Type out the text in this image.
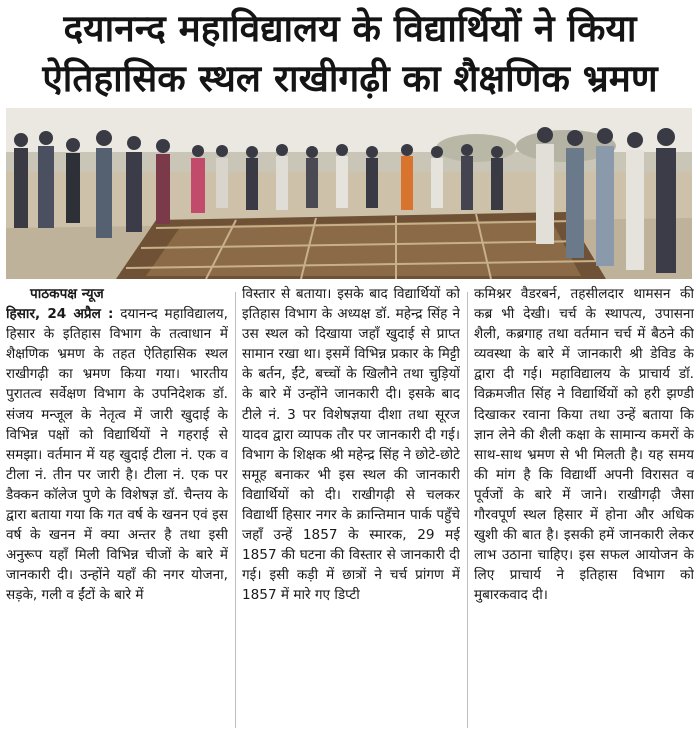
दयानन्द महाविद्यालय के विद्यार्थियों ने किया
ऐतिहासिक स्थल राखीगढ़ी का शैक्षणिक भ्रमण

पाठकपक्ष न्यूज

हिसार, 24 अप्रैल : दयानन्द महाविद्यालय, हिसार के इतिहास विभाग के तत्वाधान में शैक्षणिक भ्रमण के तहत ऐतिहासिक स्थल राखीगढ़ी का भ्रमण किया गया। भारतीय पुरातत्व सर्वेक्षण विभाग के उपनिदेशक डॉ. संजय मन्जूल के नेतृत्व में जारी खुदाई के विभिन्न पक्षों को विद्यार्थियों ने गहराई से समझा। वर्तमान में यह खुदाई टीला नं. एक व टीला नं. तीन पर जारी है। टीला नं. एक पर डैक्कन कॉलेज पुणे के विशेषज्ञ डॉ. चैन्तय के द्वारा बताया गया कि गत वर्ष के खनन एवं इस वर्ष के खनन में क्या अन्तर है तथा इसी अनुरूप यहाँ मिली विभिन्न चीजों के बारे में जानकारी दी। उन्होंने यहाँ की नगर योजना, सड़के, गली व ईंटों के बारे में

विस्तार से बताया। इसके बाद विद्यार्थियों को इतिहास विभाग के अध्यक्ष डॉ. महेन्द्र सिंह ने उस स्थल को दिखाया जहाँ खुदाई से प्राप्त सामान रखा था। इसमें विभिन्न प्रकार के मिट्टी के बर्तन, ईंटे, बच्चों के खिलौने तथा चुड़ियों के बारे में उन्होंने जानकारी दी। इसके बाद टीले नं. 3 पर विशेषज्ञया दीशा तथा सूरज यादव द्वारा व्यापक तौर पर जानकारी दी गई। विभाग के शिक्षक श्री महेन्द्र सिंह ने छोटे-छोटे समूह बनाकर भी इस स्थल की जानकारी विद्यार्थियों को दी। राखीगढ़ी से चलकर विद्यार्थी हिसार नगर के क्रान्तिमान पार्क पहुँचे जहाँ उन्हें 1857 के स्मारक, 29 मई 1857 की घटना की विस्तार से जानकारी दी गई। इसी कड़ी में छात्रों ने चर्च प्रांगण में 1857 में मारे गए डिप्टी

कमिश्नर वैडरबर्न, तहसीलदार थामसन की कब्र भी देखी। चर्च के स्थापत्य, उपासना शैली, कब्रगाह तथा वर्तमान चर्च में बैठने की व्यवस्था के बारे में जानकारी श्री डेविड के द्वारा दी गई। महाविद्यालय के प्राचार्य डॉ. विक्रमजीत सिंह ने विद्यार्थियों को हरी झण्डी दिखाकर रवाना किया तथा उन्हें बताया कि ज्ञान लेने की शैली कक्षा के सामान्य कमरों के साथ-साथ भ्रमण से भी मिलती है। यह समय की मांग है कि विद्यार्थी अपनी विरासत व पूर्वजों के बारे में जाने। राखीगढ़ी जैसा गौरवपूर्ण स्थल हिसार में होना और अधिक खुशी की बात है। इसकी हमें जानकारी लेकर लाभ उठाना चाहिए। इस सफल आयोजन के लिए प्राचार्य ने इतिहास विभाग को मुबारकवाद दी।
